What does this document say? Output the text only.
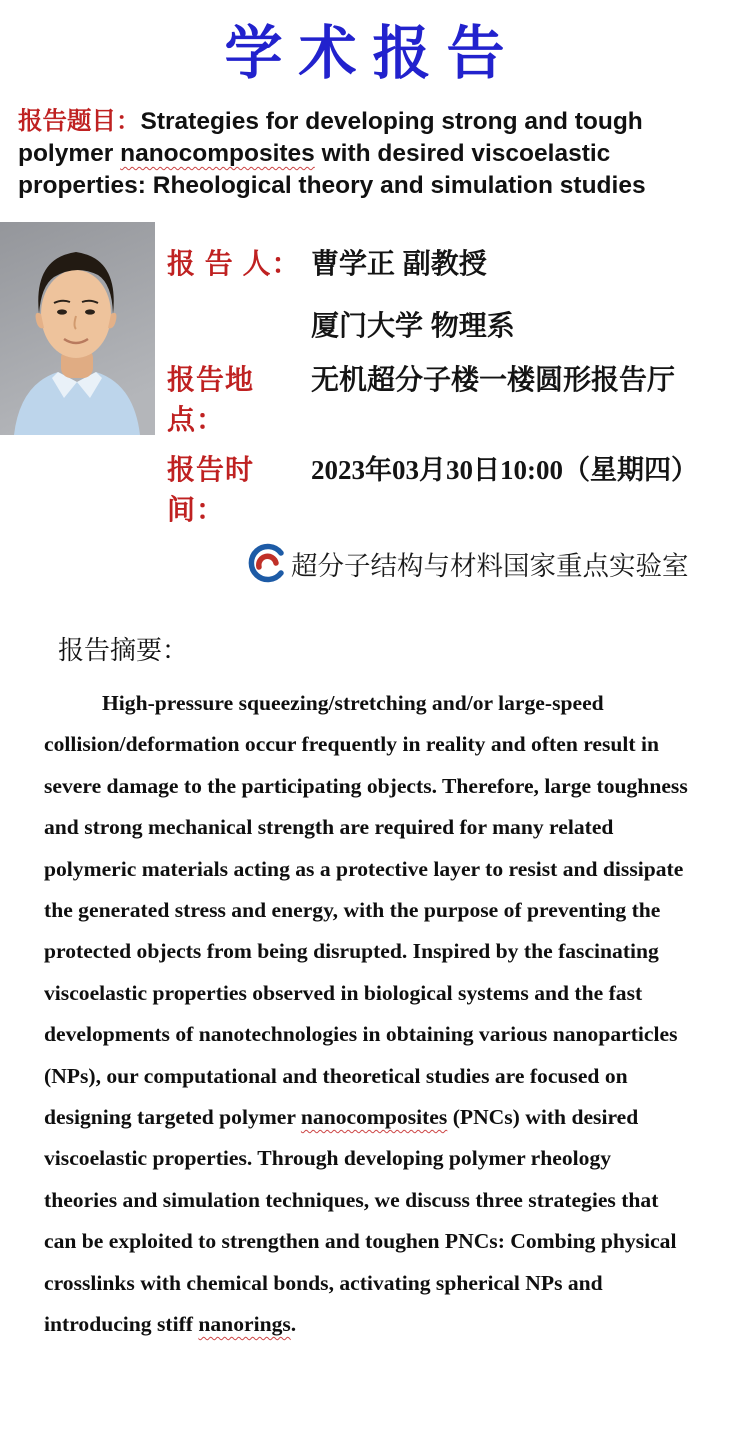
学术报告
报告题目：Strategies for developing strong and tough polymer nanocomposites with desired viscoelastic properties: Rheological theory and simulation studies
报 告 人： 曹学正 副教授
厦门大学 物理系
报告地点：
无机超分子楼一楼圆形报告厅
报告时间：
2023年03月30日10:00（星期四）
超分子结构与材料国家重点实验室
报告摘要：
High-pressure squeezing/stretching and/or large-speed collision/deformation occur frequently in reality and often result in severe damage to the participating objects. Therefore, large toughness and strong mechanical strength are required for many related polymeric materials acting as a protective layer to resist and dissipate the generated stress and energy, with the purpose of preventing the protected objects from being disrupted. Inspired by the fascinating viscoelastic properties observed in biological systems and the fast developments of nanotechnologies in obtaining various nanoparticles (NPs), our computational and theoretical studies are focused on designing targeted polymer nanocomposites (PNCs) with desired viscoelastic properties. Through developing polymer rheology theories and simulation techniques, we discuss three strategies that can be exploited to strengthen and toughen PNCs: Combing physical crosslinks with chemical bonds, activating spherical NPs and introducing stiff nanorings.
